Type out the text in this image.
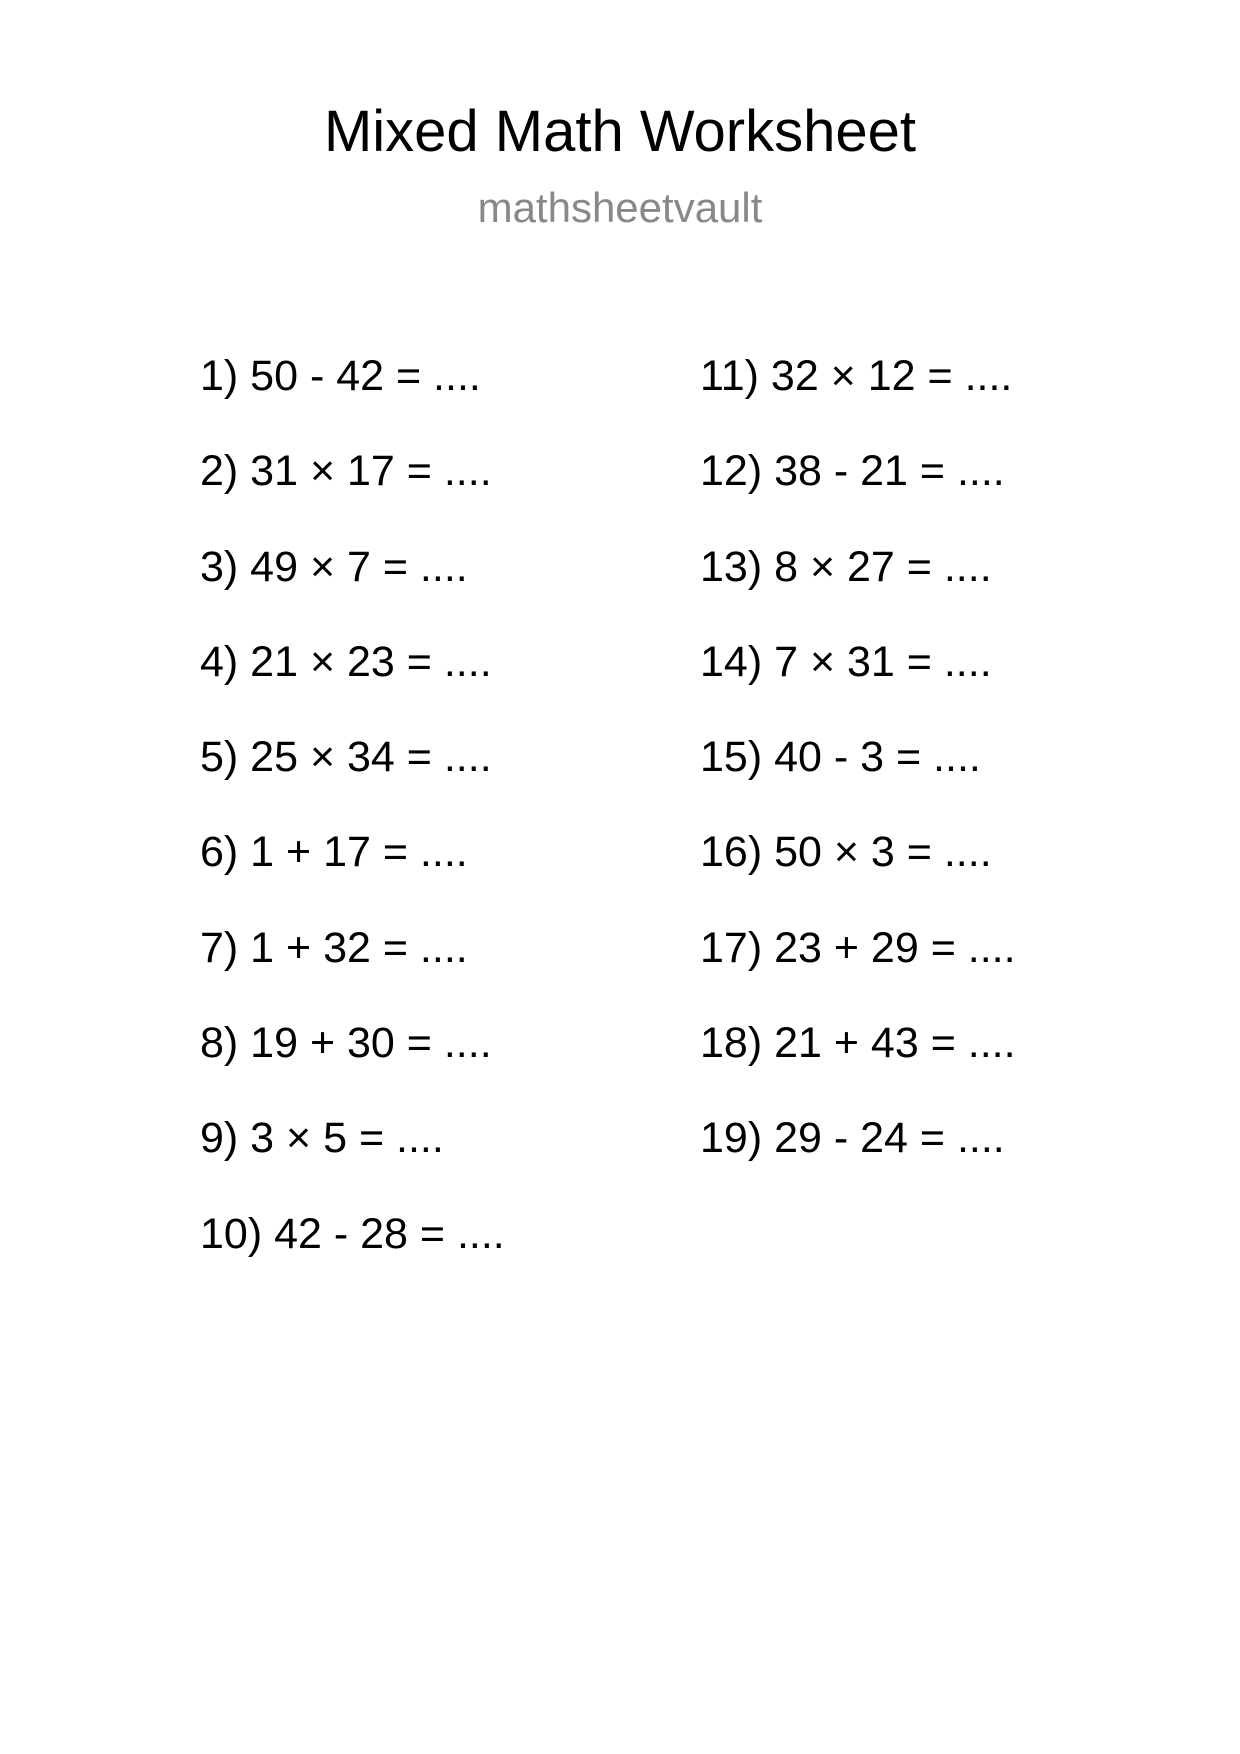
Mixed Math Worksheet
mathsheetvault
1) 50 - 42 = ....
2) 31 × 17 = ....
3) 49 × 7 = ....
4) 21 × 23 = ....
5) 25 × 34 = ....
6) 1 + 17 = ....
7) 1 + 32 = ....
8) 19 + 30 = ....
9) 3 × 5 = ....
10) 42 - 28 = ....
11) 32 × 12 = ....
12) 38 - 21 = ....
13) 8 × 27 = ....
14) 7 × 31 = ....
15) 40 - 3 = ....
16) 50 × 3 = ....
17) 23 + 29 = ....
18) 21 + 43 = ....
19) 29 - 24 = ....
